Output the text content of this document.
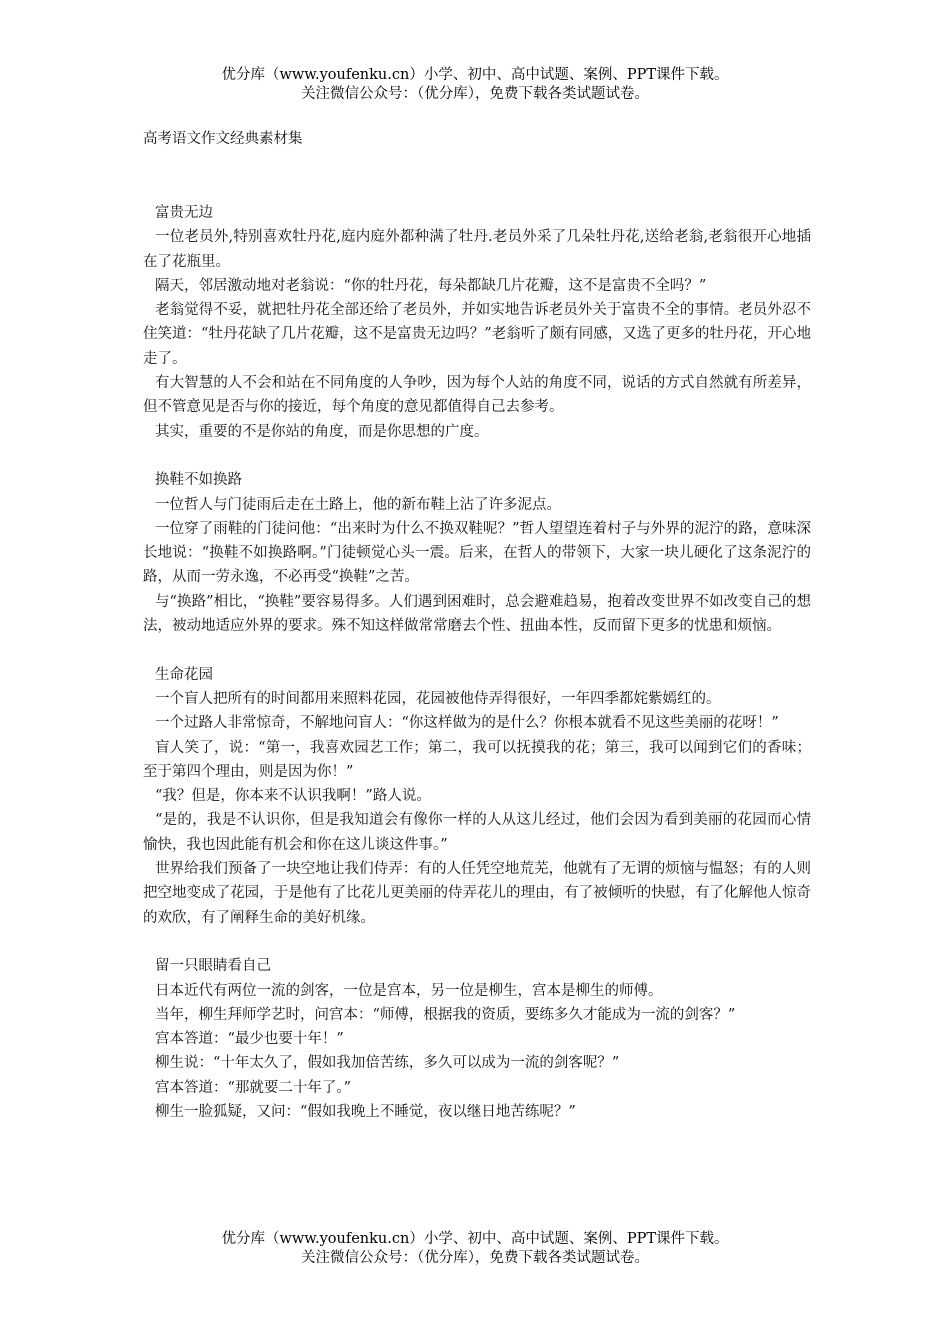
优分库（www.youfenku.cn）小学、初中、高中试题、案例、PPT课件下载。
关注微信公众号：（优分库），免费下载各类试题试卷。
高考语文作文经典素材集
富贵无边
一位老员外,特别喜欢牡丹花,庭内庭外都种满了牡丹.老员外采了几朵牡丹花,送给老翁,老翁很开心地插在了花瓶里。
隔天，邻居激动地对老翁说：“你的牡丹花，每朵都缺几片花瓣，这不是富贵不全吗？”
老翁觉得不妥，就把牡丹花全部还给了老员外，并如实地告诉老员外关于富贵不全的事情。老员外忍不住笑道：“牡丹花缺了几片花瓣，这不是富贵无边吗？”老翁听了颇有同感，又选了更多的牡丹花，开心地走了。
有大智慧的人不会和站在不同角度的人争吵，因为每个人站的角度不同，说话的方式自然就有所差异，但不管意见是否与你的接近，每个角度的意见都值得自己去参考。
其实，重要的不是你站的角度，而是你思想的广度。
换鞋不如换路
一位哲人与门徒雨后走在土路上，他的新布鞋上沾了许多泥点。
一位穿了雨鞋的门徒问他：“出来时为什么不换双鞋呢？”哲人望望连着村子与外界的泥泞的路，意味深长地说：“换鞋不如换路啊。”门徒顿觉心头一震。后来，在哲人的带领下，大家一块儿硬化了这条泥泞的路，从而一劳永逸，不必再受“换鞋”之苦。
与“换路”相比，“换鞋”要容易得多。人们遇到困难时，总会避难趋易，抱着改变世界不如改变自己的想法，被动地适应外界的要求。殊不知这样做常常磨去个性、扭曲本性，反而留下更多的忧患和烦恼。
生命花园
一个盲人把所有的时间都用来照料花园，花园被他侍弄得很好，一年四季都姹紫嫣红的。
一个过路人非常惊奇，不解地问盲人：“你这样做为的是什么？你根本就看不见这些美丽的花呀！”
盲人笑了，说：“第一，我喜欢园艺工作；第二，我可以抚摸我的花；第三，我可以闻到它们的香味；至于第四个理由，则是因为你！”
“我？但是，你本来不认识我啊！”路人说。
“是的，我是不认识你，但是我知道会有像你一样的人从这儿经过，他们会因为看到美丽的花园而心情愉快，我也因此能有机会和你在这儿谈这件事。”
世界给我们预备了一块空地让我们侍弄：有的人任凭空地荒芜，他就有了无谓的烦恼与愠怒；有的人则把空地变成了花园，于是他有了比花儿更美丽的侍弄花儿的理由，有了被倾听的快慰，有了化解他人惊奇的欢欣，有了阐释生命的美好机缘。
留一只眼睛看自己
日本近代有两位一流的剑客，一位是宫本，另一位是柳生，宫本是柳生的师傅。
当年，柳生拜师学艺时，问宫本：“师傅，根据我的资质，要练多久才能成为一流的剑客？”
宫本答道：“最少也要十年！”
柳生说：“十年太久了，假如我加倍苦练，多久可以成为一流的剑客呢？”
宫本答道：“那就要二十年了。”
柳生一脸狐疑，又问：“假如我晚上不睡觉，夜以继日地苦练呢？”
优分库（www.youfenku.cn）小学、初中、高中试题、案例、PPT课件下载。
关注微信公众号：（优分库），免费下载各类试题试卷。
